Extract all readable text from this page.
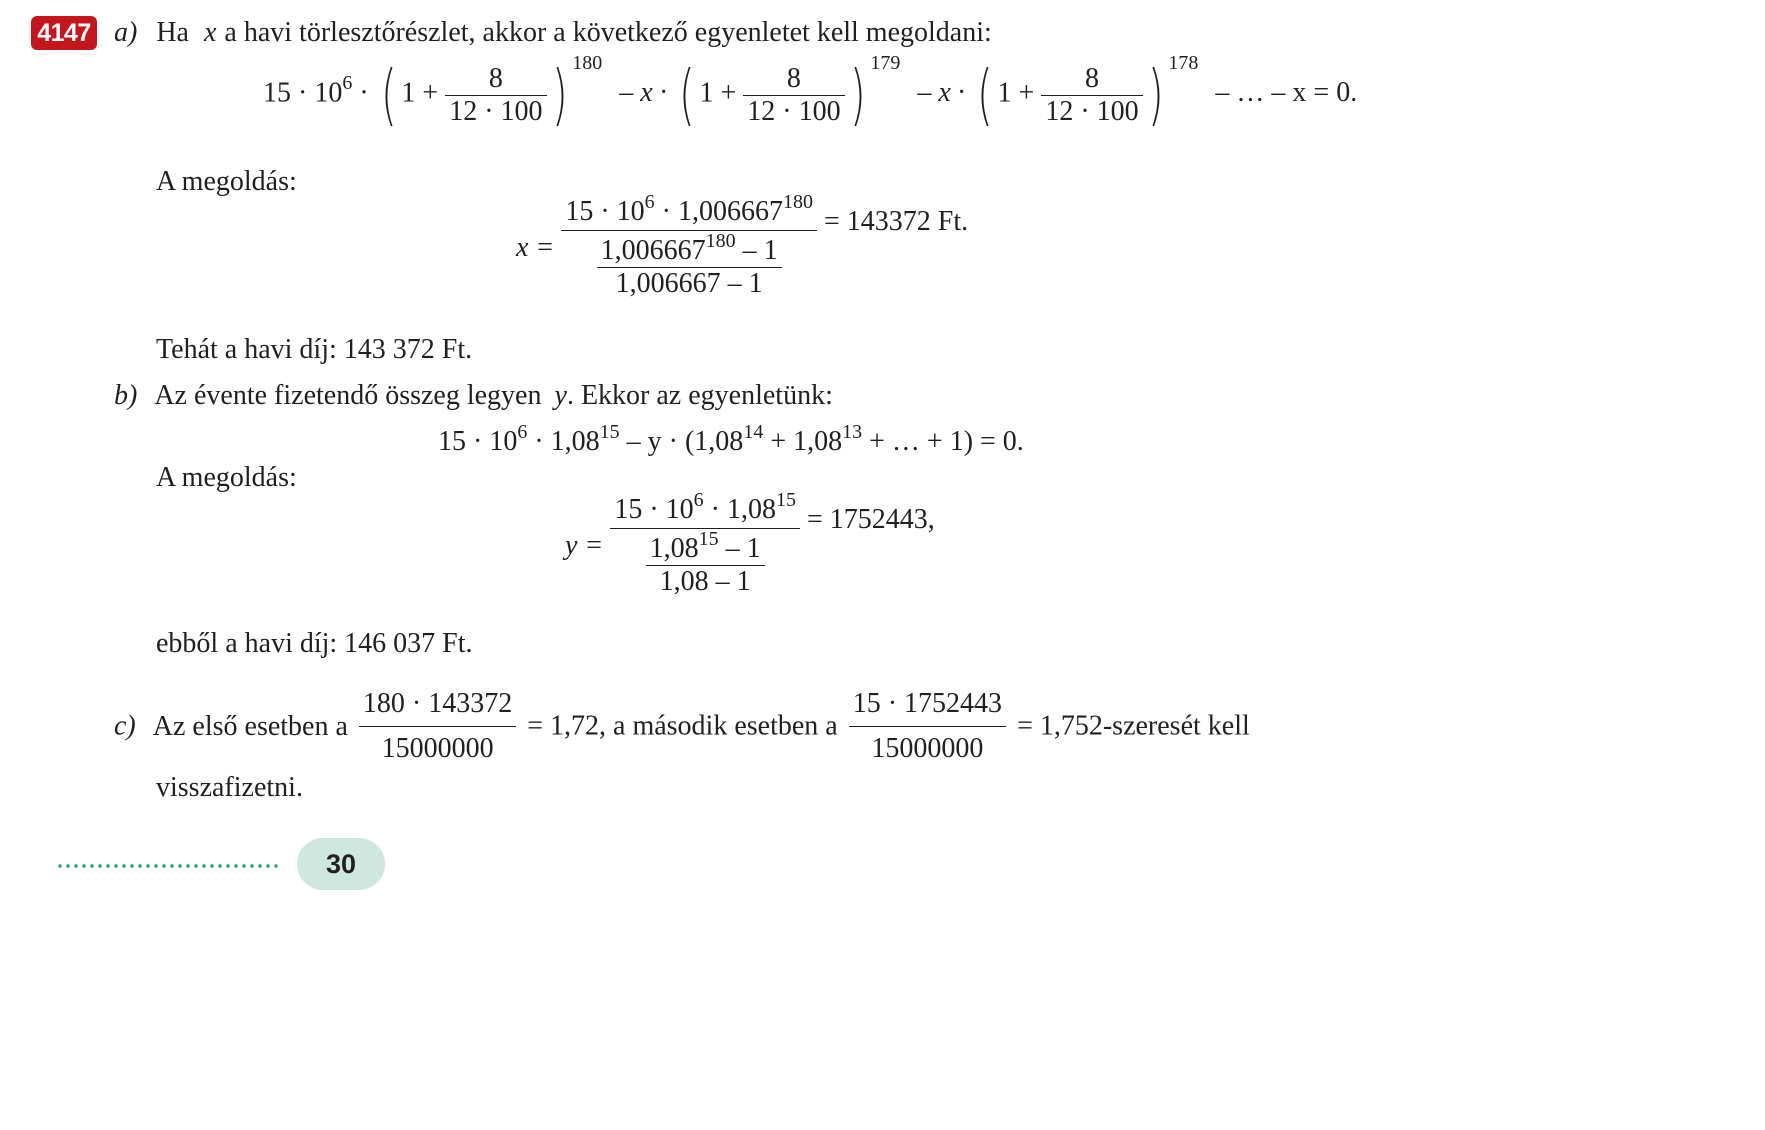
4147 a) Ha x a havi törlesztőrészlet, akkor a következő egyenletet kell megoldani:
$15 \cdot 10^6$ · ( $1 + \frac{8}{12 \cdot 100}$ ) $^{180}$ – x · ( $1 + \frac{8}{12 \cdot 100}$ ) $^{179}$ – x · ( $1 + \frac{8}{12 \cdot 100}$ ) $^{178}$ – … – x = 0.
A megoldás:
$x = \frac{15 \cdot 10^6 \cdot 1,006667^{180}}{\frac{1,006667^{180} - 1}{1,006667 - 1}} = 143372$ Ft.
Tehát a havi díj: 143 372 Ft.
b) Az évente fizetendő összeg legyen y. Ekkor az egyenletünk:
$15 \cdot 10^6 \cdot 1,08^{15} - y \cdot (1,08^{14} + 1,08^{13}$ + … + 1) = 0.
A megoldás:
$y = \frac{15 \cdot 10^6 \cdot 1,08^{15}}{\frac{1,08^{15} - 1}{1,08 - 1}} = 1752443$,
ebből a havi díj: 146 037 Ft.
c) Az első esetben a $\frac{180 \cdot 143372}{15000000} = 1,72$, a második esetben a $\frac{15 \cdot 1752443}{15000000}$ = 1,752-szeresét kell
visszafizetni.
30
